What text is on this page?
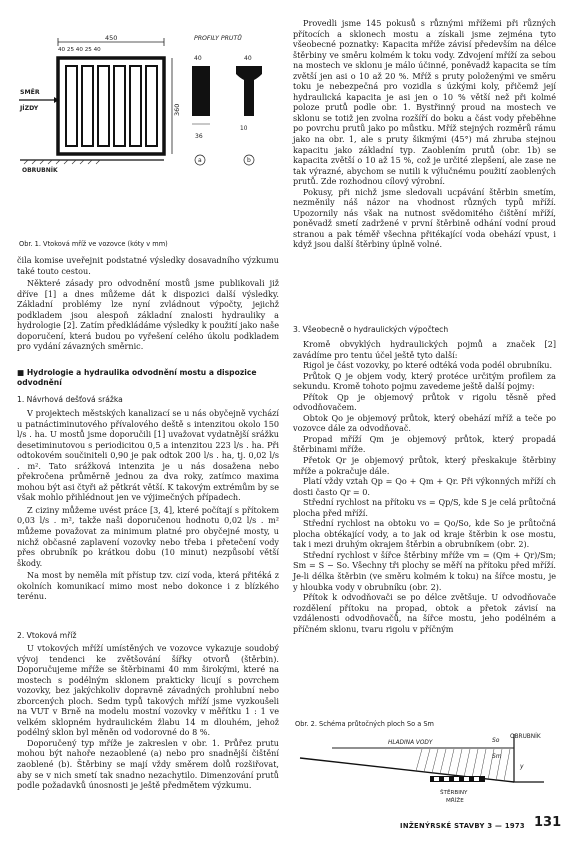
450
40 25 40 25 40
360
SMĚR
JÍZDY
OBRUBNÍK
PROFILY PRUTŮ
40	40
10
36
a	b
Obr. 1. Vtoková mříž ve vozovce (kóty v mm)

čila komise uveřejnit podstatné výsledky dosavadního výzkumu také touto cestou.

Některé zásady pro odvodnění mostů jsme publikovali již dříve [1] a dnes můžeme dát k dispozici další výsledky. Základní problémy lze nyní zvládnout výpočty, jejichž podkladem jsou alespoň základní znalosti hydrauliky a hydrologie [2]. Zatím předkládáme výsledky k použití jako naše doporučení, která budou po vyřešení celého úkolu podkladem pro vydání závazných směrnic.

■ Hydrologie a hydraulika odvodnění mostu a dispozice odvodnění
1. Návrhová dešťová srážka

V projektech městských kanalizací se u nás obyčejně vychází u patnáctiminutového přívalového deště s intenzitou okolo 150 l/s . ha. U mostů jsme doporučili [1] uvažovat vydatnější srážku desetiminutovou s periodicitou 0,5 a intenzitou 223 l/s . ha. Při odtokovém součiniteli 0,90 je pak odtok 200 l/s . ha, tj. 0,02 l/s . m². Tato srážková intenzita je u nás dosažena nebo překročena průměrně jednou za dva roky, zatímco maxima mohou být asi čtyři až pětkrát větší. K takovým extrémům by se však mohlo přihlédnout jen ve výjimečných případech.

Z ciziny můžeme uvést práce [3, 4], které počítají s přítokem 0,03 l/s . m², takže naši doporučenou hodnotu 0,02 l/s . m² můžeme považovat za minimum platné pro obyčejné mosty, u nichž občasné zaplavení vozovky nebo třeba i přetečení vody přes obrubník po krátkou dobu (10 minut) nezpůsobí větší škody.

Na most by neměla mít přístup tzv. cizí voda, která přitéká z okolních komunikací mimo most nebo dokonce i z blízkého terénu.

2. Vtoková mříž

U vtokových mříží umístěných ve vozovce vykazuje soudobý vývoj tendenci ke zvětšování šířky otvorů (štěrbin). Doporučujeme mříže se štěrbinami 40 mm širokými, které na mostech s podélným sklonem prakticky licují s povrchem vozovky, bez jakýchkoliv dopravně závadných prohlubní nebo zborcených ploch. Sedm typů takových mříží jsme vyzkoušeli na VUT v Brně na modelu mostní vozovky v měřítku 1 : 1 ve velkém sklopném hydraulickém žlabu 14 m dlouhém, jehož podélný sklon byl měněn od vodorovné do 8 %.

Doporučený typ mříže je zakreslen v obr. 1. Průřez prutu mohou být nahoře nezaoblené (a) nebo pro snadnější čištění zaoblené (b). Štěrbiny se mají vždy směrem dolů rozšiřovat, aby se v nich smetí tak snadno nezachytilo. Dimenzování prutů podle požadavků únosnosti je ještě předmětem výzkumu.

Provedli jsme 145 pokusů s různými mřížemi při různých přítocích a sklonech mostu a získali jsme zejména tyto všeobecné poznatky: Kapacita mříže závisí především na délce štěrbiny ve směru kolmém k toku vody. Zdvojení mříží za sebou na mostech ve sklonu je málo účinné, poněvadž kapacita se tím zvětší jen asi o 10 až 20 %. Mříž s pruty položenými ve směru toku je nebezpečná pro vozidla s úzkými koly, přičemž její hydraulická kapacita je asi jen o 10 % větší než při kolmé poloze prutů podle obr. 1. Bystřinný proud na mostech ve sklonu se totiž jen zvolna rozšíří do boku a část vody přeběhne po povrchu prutů jako po můstku. Mříž stejných rozměrů rámu jako na obr. 1, ale s pruty šikmými (45°) má zhruba stejnou kapacitu jako základní typ. Zaoblením prutů (obr. 1b) se kapacita zvětší o 10 až 15 %, což je určité zlepšení, ale zase ne tak výrazné, abychom se nutili k výlučnému použití zaoblených prutů. Zde rozhodnou cílový výrobní.

Pokusy, při nichž jsme sledovali ucpávání štěrbin smetím, nezměnily náš názor na vhodnost různých typů mříží. Upozornily nás však na nutnost svědomitého čištění mříží, poněvadž smetí zadržené v první štěrbině odhání vodní proud stranou a pak téměř všechna přitékající voda obehází vpust, i když jsou další štěrbiny úplně volné.

3. Všeobecně o hydraulických výpočtech

Kromě obvyklých hydraulických pojmů a značek [2] zavádíme pro tentu účel ještě tyto další:

Rigol je část vozovky, po které odtéká voda podél obrubníku.

Průtok Q je objem vody, který protéce určitým profilem za sekundu. Kromě tohoto pojmu zavedeme ještě další pojmy:

Přítok Qp je objemový průtok v rigolu těsně před odvodňovačem.

Obtok Qo je objemový průtok, který obehází mříž a teče po vozovce dále za odvodňovač.

Propad mříží Qm je objemový průtok, který propadá štěrbinami mříže.

Přetok Qr je objemový průtok, který přeskakuje štěrbiny mříže a pokračuje dále.

Platí vždy vztah Qp = Qo + Qm + Qr. Při výkonných mříží ch dosti často Qr = 0.

Střední rychlost na přítoku vs = Qp/S, kde S je celá průtočná plocha před mříží.

Střední rychlost na obtoku vo = Qo/So, kde So je průtočná plocha obtékající vody, a to jak od kraje štěrbin k ose mostu, tak i mezi druhým okrajem štěrbin a obrubníkem (obr. 2).

Střední rychlost v šířce štěrbiny mříže vm = (Qm + Qr)/Sm; Sm = S − So. Všechny tři plochy se měří na přítoku před mříží. Je-li délka štěrbin (ve směru kolmém k toku) na šířce mostu, je y hloubka vody v obrubníku (obr. 2).

Přítok k odvodňovači se po délce zvětšuje. U odvodňovače rozdělení přítoku na propad, obtok a přetok závisí na vzdálenosti odvodňovačů, na šířce mostu, jeho podélném a příčném sklonu, tvaru rigolu v příčným

Obr. 2. Schéma průtočných ploch So a Sm
OBRUBNÍK
HLADINA VODY	So
Sm
y
ŠTĚRBINY
MŘÍŽE
INŽENÝRSKÉ STAVBY 3 — 1973 131
